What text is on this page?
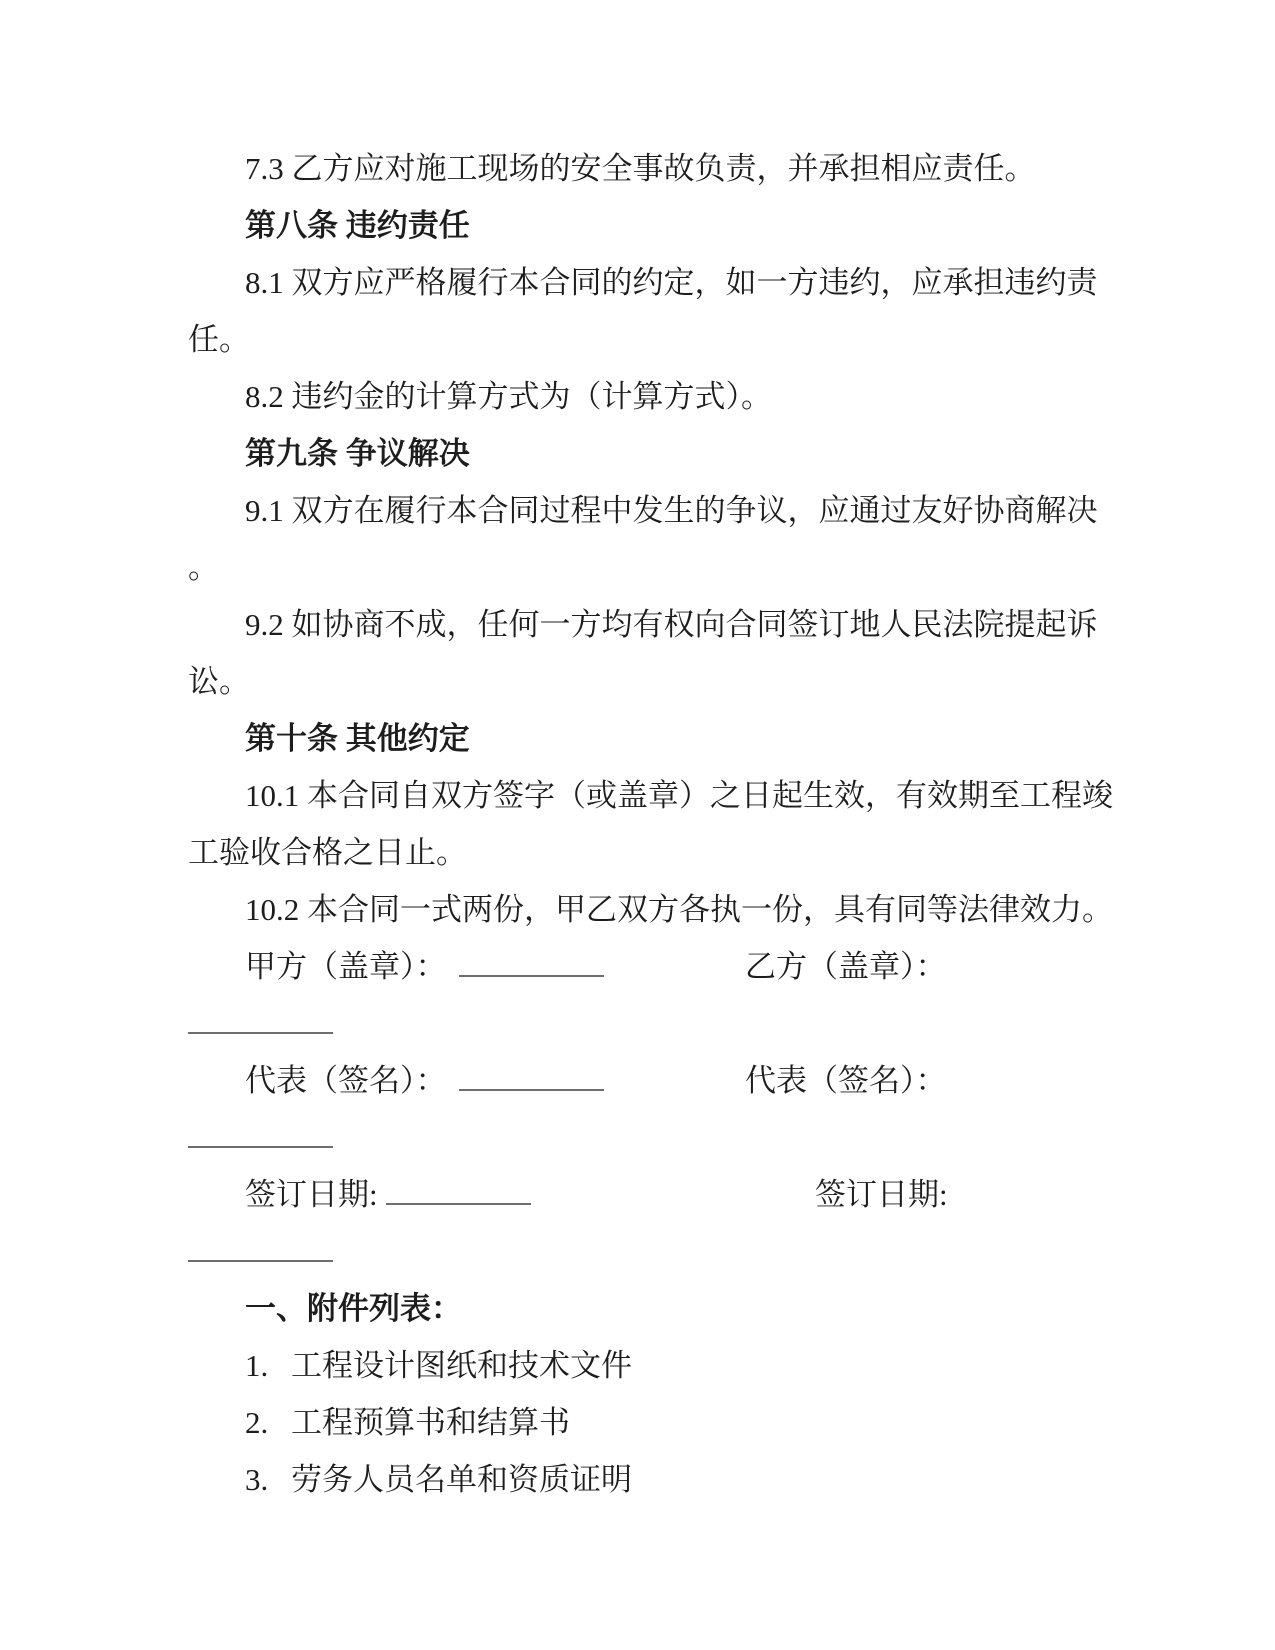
7.3 乙方应对施工现场的安全事故负责，并承担相应责任。
第八条 违约责任
8.1 双方应严格履行本合同的约定，如一方违约，应承担违约责
任。
8.2 违约金的计算方式为（计算方式）。
第九条 争议解决
9.1 双方在履行本合同过程中发生的争议，应通过友好协商解决
。
9.2 如协商不成，任何一方均有权向合同签订地人民法院提起诉
讼。
第十条 其他约定
10.1 本合同自双方签字（或盖章）之日起生效，有效期至工程竣
工验收合格之日止。
10.2 本合同一式两份，甲乙双方各执一份，具有同等法律效力。
甲方（盖章）：	乙方（盖章）：
代表（签名）：	代表（签名）：
签订日期:	签订日期:
一、附件列表：
1. 工程设计图纸和技术文件
2. 工程预算书和结算书
3. 劳务人员名单和资质证明
